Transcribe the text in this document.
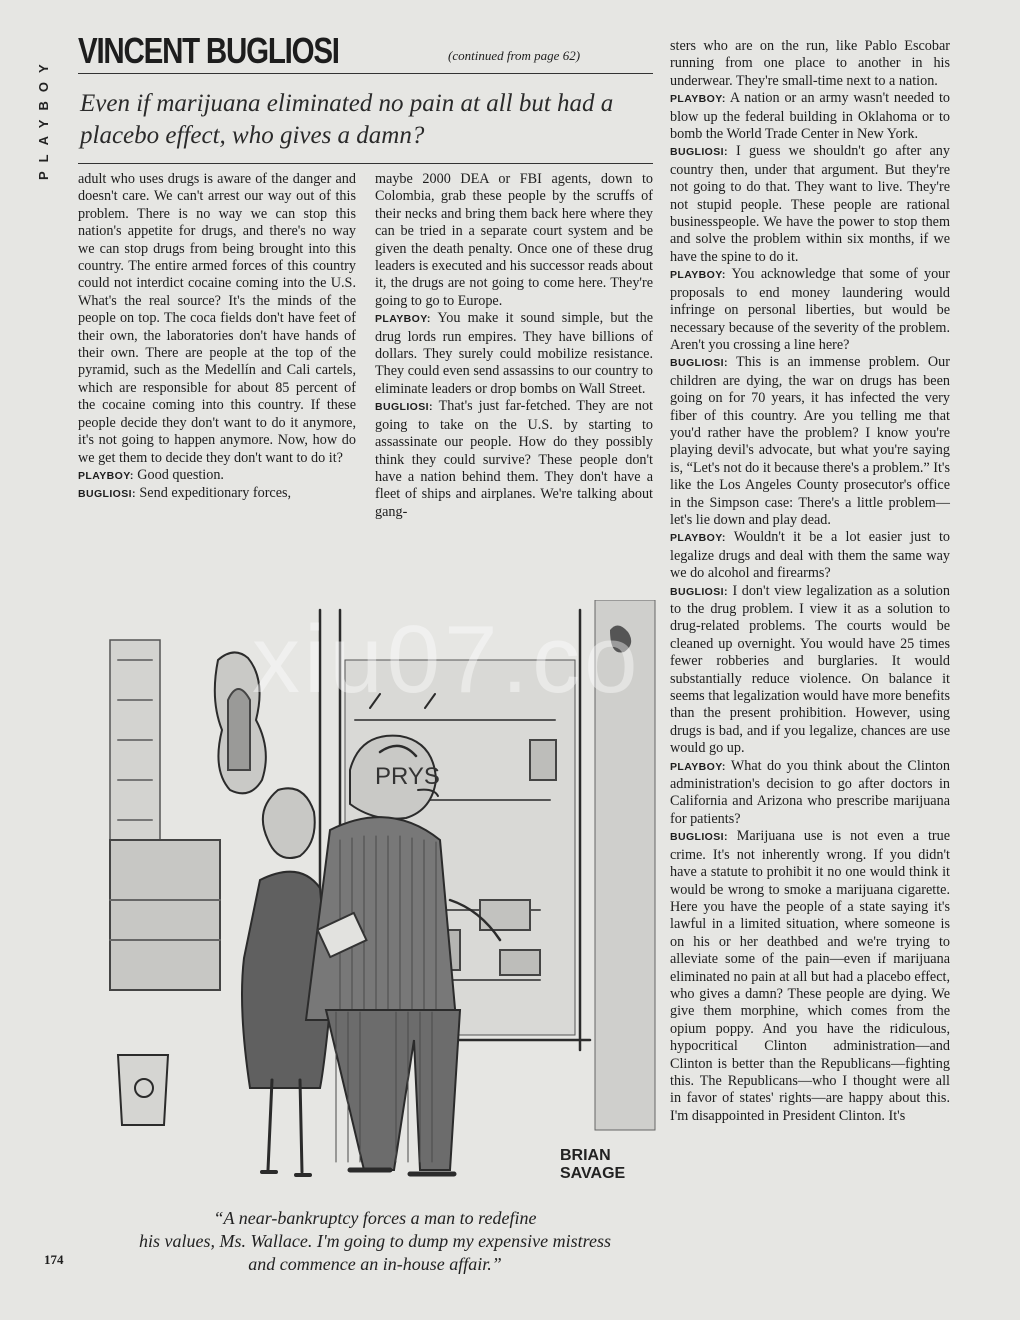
PLAYBOY
VINCENT BUGLIOSI	(continued from page 62)
Even if marijuana eliminated no pain at all but had a placebo effect, who gives a damn?

adult who uses drugs is aware of the danger and doesn't care. We can't arrest our way out of this problem. There is no way we can stop this nation's appetite for drugs, and there's no way we can stop drugs from being brought into this country. The entire armed forces of this country could not interdict cocaine coming into the U.S. What's the real source? It's the minds of the people on top. The coca fields don't have feet of their own, the laboratories don't have hands of their own. There are people at the top of the pyramid, such as the Medellín and Cali cartels, which are responsible for about 85 percent of the cocaine coming into this country. If these people decide they don't want to do it anymore, it's not going to happen anymore. Now, how do we get them to decide they don't want to do it?

PLAYBOY: Good question.

BUGLIOSI: Send expeditionary forces,

maybe 2000 DEA or FBI agents, down to Colombia, grab these people by the scruffs of their necks and bring them back here where they can be tried in a separate court system and be given the death penalty. Once one of these drug leaders is executed and his successor reads about it, the drugs are not going to come here. They're going to go to Europe.

PLAYBOY: You make it sound simple, but the drug lords run empires. They have billions of dollars. They surely could mobilize resistance. They could even send assassins to our country to eliminate leaders or drop bombs on Wall Street.

BUGLIOSI: That's just far-fetched. They are not going to take on the U.S. by starting to assassinate our people. How do they possibly think they could survive? These people don't have a nation behind them. They don't have a fleet of ships and airplanes. We're talking about gang-

sters who are on the run, like Pablo Escobar running from one place to another in his underwear. They're small-time next to a nation.

PLAYBOY: A nation or an army wasn't needed to blow up the federal building in Oklahoma or to bomb the World Trade Center in New York.

BUGLIOSI: I guess we shouldn't go after any country then, under that argument. But they're not going to do that. They want to live. They're not stupid people. These people are rational businesspeople. We have the power to stop them and solve the problem within six months, if we have the spine to do it.

PLAYBOY: You acknowledge that some of your proposals to end money laundering would infringe on personal liberties, but would be necessary because of the severity of the problem. Aren't you crossing a line here?

BUGLIOSI: This is an immense problem. Our children are dying, the war on drugs has been going on for 70 years, it has infected the very fiber of this country. Are you telling me that you'd rather have the problem? I know you're playing devil's advocate, but what you're saying is, “Let's not do it because there's a problem.” It's like the Los Angeles County prosecutor's office in the Simpson case: There's a little problem—let's lie down and play dead.

PLAYBOY: Wouldn't it be a lot easier just to legalize drugs and deal with them the same way we do alcohol and firearms?

BUGLIOSI: I don't view legalization as a solution to the drug problem. I view it as a solution to drug-related problems. The courts would be cleaned up overnight. You would have 25 times fewer robberies and burglaries. It would substantially reduce violence. On balance it seems that legalization would have more benefits than the present prohibition. However, using drugs is bad, and if you legalize, chances are use would go up.

PLAYBOY: What do you think about the Clinton administration's decision to go after doctors in California and Arizona who prescribe marijuana for patients?

BUGLIOSI: Marijuana use is not even a true crime. It's not inherently wrong. If you didn't have a statute to prohibit it no one would think it would be wrong to smoke a marijuana cigarette. Here you have the people of a state saying it's lawful in a limited situation, where someone is on his or her deathbed and we're trying to alleviate some of the pain—even if marijuana eliminated no pain at all but had a placebo effect, who gives a damn? These people are dying. We give them morphine, which comes from the opium poppy. And you have the ridiculous, hypocritical Clinton administration—and Clinton is better than the Republicans—fighting this. The Republicans—who I thought were all in favor of states' rights—are happy about this. I'm disappointed in President Clinton. It's

PRYS
BRIAN
SAVAGE
xiu07.co
“A near-bankruptcy forces a man to redefine
his values, Ms. Wallace. I'm going to dump my expensive mistress
and commence an in-house affair.”
174
